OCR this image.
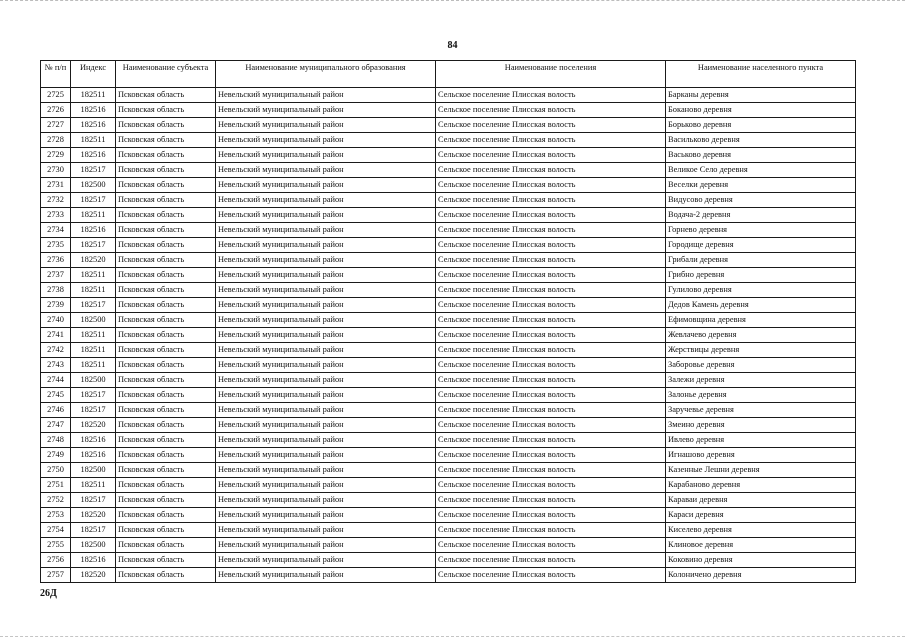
84
№ п/п	Индекс	Наименование субъекта	Наименование муниципального образования	Наименование поселения	Наименование населенного пункта
2725	182511	Псковская область	Невельский муниципальный район	Сельское поселение Плисская волость	Барканы деревня
2726	182516	Псковская область	Невельский муниципальный район	Сельское поселение Плисская волость	Боканово деревня
2727	182516	Псковская область	Невельский муниципальный район	Сельское поселение Плисская волость	Борьково деревня
2728	182511	Псковская область	Невельский муниципальный район	Сельское поселение Плисская волость	Васильково деревня
2729	182516	Псковская область	Невельский муниципальный район	Сельское поселение Плисская волость	Васьково деревня
2730	182517	Псковская область	Невельский муниципальный район	Сельское поселение Плисская волость	Великое Село деревня
2731	182500	Псковская область	Невельский муниципальный район	Сельское поселение Плисская волость	Веселки деревня
2732	182517	Псковская область	Невельский муниципальный район	Сельское поселение Плисская волость	Видусово деревня
2733	182511	Псковская область	Невельский муниципальный район	Сельское поселение Плисская волость	Водача-2 деревня
2734	182516	Псковская область	Невельский муниципальный район	Сельское поселение Плисская волость	Горнево деревня
2735	182517	Псковская область	Невельский муниципальный район	Сельское поселение Плисская волость	Городище деревня
2736	182520	Псковская область	Невельский муниципальный район	Сельское поселение Плисская волость	Грибали деревня
2737	182511	Псковская область	Невельский муниципальный район	Сельское поселение Плисская волость	Грибно деревня
2738	182511	Псковская область	Невельский муниципальный район	Сельское поселение Плисская волость	Гулилово деревня
2739	182517	Псковская область	Невельский муниципальный район	Сельское поселение Плисская волость	Дедов Камень деревня
2740	182500	Псковская область	Невельский муниципальный район	Сельское поселение Плисская волость	Ефимовщина деревня
2741	182511	Псковская область	Невельский муниципальный район	Сельское поселение Плисская волость	Жевлачево деревня
2742	182511	Псковская область	Невельский муниципальный район	Сельское поселение Плисская волость	Жерствицы деревня
2743	182511	Псковская область	Невельский муниципальный район	Сельское поселение Плисская волость	Заборовье деревня
2744	182500	Псковская область	Невельский муниципальный район	Сельское поселение Плисская волость	Залежи деревня
2745	182517	Псковская область	Невельский муниципальный район	Сельское поселение Плисская волость	Залонье деревня
2746	182517	Псковская область	Невельский муниципальный район	Сельское поселение Плисская волость	Заручевье деревня
2747	182520	Псковская область	Невельский муниципальный район	Сельское поселение Плисская волость	Змеино деревня
2748	182516	Псковская область	Невельский муниципальный район	Сельское поселение Плисская волость	Ивлево деревня
2749	182516	Псковская область	Невельский муниципальный район	Сельское поселение Плисская волость	Игнашово деревня
2750	182500	Псковская область	Невельский муниципальный район	Сельское поселение Плисская волость	Казенные Лешни деревня
2751	182511	Псковская область	Невельский муниципальный район	Сельское поселение Плисская волость	Карабаново деревня
2752	182517	Псковская область	Невельский муниципальный район	Сельское поселение Плисская волость	Караваи деревня
2753	182520	Псковская область	Невельский муниципальный район	Сельское поселение Плисская волость	Караси деревня
2754	182517	Псковская область	Невельский муниципальный район	Сельское поселение Плисская волость	Киселево деревня
2755	182500	Псковская область	Невельский муниципальный район	Сельское поселение Плисская волость	Клиновое деревня
2756	182516	Псковская область	Невельский муниципальный район	Сельское поселение Плисская волость	Коковино деревня
2757	182520	Псковская область	Невельский муниципальный район	Сельское поселение Плисская волость	Колоничено деревня
26Д
